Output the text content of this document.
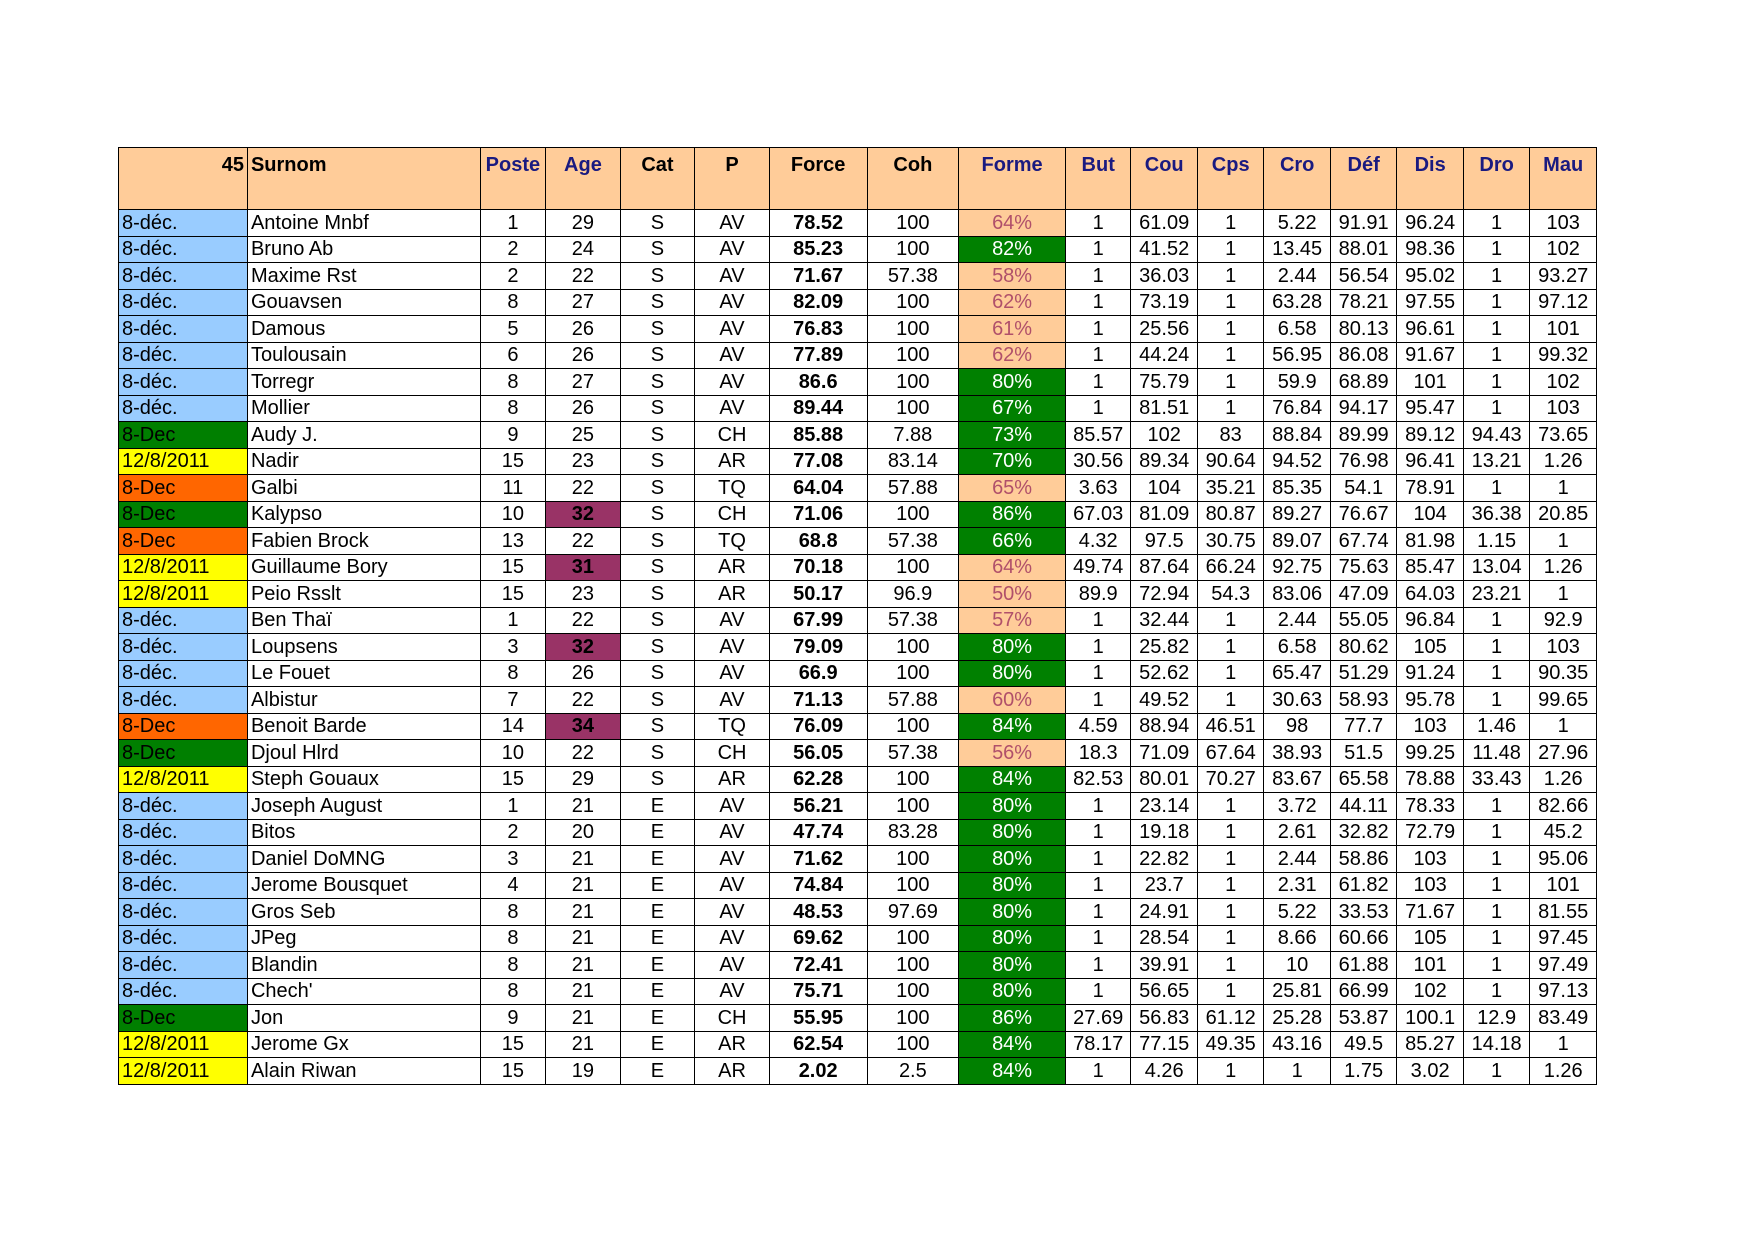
45	Surnom	Poste	Age	Cat	P	Force	Coh	Forme	But	Cou	Cps	Cro	Déf	Dis	Dro	Mau
8-déc.	Antoine Mnbf	1	29	S	AV	78.52	100	64%	1	61.09	1	5.22	91.91	96.24	1	103
8-déc.	Bruno Ab	2	24	S	AV	85.23	100	82%	1	41.52	1	13.45	88.01	98.36	1	102
8-déc.	Maxime Rst	2	22	S	AV	71.67	57.38	58%	1	36.03	1	2.44	56.54	95.02	1	93.27
8-déc.	Gouavsen	8	27	S	AV	82.09	100	62%	1	73.19	1	63.28	78.21	97.55	1	97.12
8-déc.	Damous	5	26	S	AV	76.83	100	61%	1	25.56	1	6.58	80.13	96.61	1	101
8-déc.	Toulousain	6	26	S	AV	77.89	100	62%	1	44.24	1	56.95	86.08	91.67	1	99.32
8-déc.	Torregr	8	27	S	AV	86.6	100	80%	1	75.79	1	59.9	68.89	101	1	102
8-déc.	Mollier	8	26	S	AV	89.44	100	67%	1	81.51	1	76.84	94.17	95.47	1	103
8-Dec	Audy J.	9	25	S	CH	85.88	7.88	73%	85.57	102	83	88.84	89.99	89.12	94.43	73.65
12/8/2011	Nadir	15	23	S	AR	77.08	83.14	70%	30.56	89.34	90.64	94.52	76.98	96.41	13.21	1.26
8-Dec	Galbi	11	22	S	TQ	64.04	57.88	65%	3.63	104	35.21	85.35	54.1	78.91	1	1
8-Dec	Kalypso	10	32	S	CH	71.06	100	86%	67.03	81.09	80.87	89.27	76.67	104	36.38	20.85
8-Dec	Fabien Brock	13	22	S	TQ	68.8	57.38	66%	4.32	97.5	30.75	89.07	67.74	81.98	1.15	1
12/8/2011	Guillaume Bory	15	31	S	AR	70.18	100	64%	49.74	87.64	66.24	92.75	75.63	85.47	13.04	1.26
12/8/2011	Peio Rsslt	15	23	S	AR	50.17	96.9	50%	89.9	72.94	54.3	83.06	47.09	64.03	23.21	1
8-déc.	Ben Thaï	1	22	S	AV	67.99	57.38	57%	1	32.44	1	2.44	55.05	96.84	1	92.9
8-déc.	Loupsens	3	32	S	AV	79.09	100	80%	1	25.82	1	6.58	80.62	105	1	103
8-déc.	Le Fouet	8	26	S	AV	66.9	100	80%	1	52.62	1	65.47	51.29	91.24	1	90.35
8-déc.	Albistur	7	22	S	AV	71.13	57.88	60%	1	49.52	1	30.63	58.93	95.78	1	99.65
8-Dec	Benoit Barde	14	34	S	TQ	76.09	100	84%	4.59	88.94	46.51	98	77.7	103	1.46	1
8-Dec	Djoul Hlrd	10	22	S	CH	56.05	57.38	56%	18.3	71.09	67.64	38.93	51.5	99.25	11.48	27.96
12/8/2011	Steph Gouaux	15	29	S	AR	62.28	100	84%	82.53	80.01	70.27	83.67	65.58	78.88	33.43	1.26
8-déc.	Joseph August	1	21	E	AV	56.21	100	80%	1	23.14	1	3.72	44.11	78.33	1	82.66
8-déc.	Bitos	2	20	E	AV	47.74	83.28	80%	1	19.18	1	2.61	32.82	72.79	1	45.2
8-déc.	Daniel DoMNG	3	21	E	AV	71.62	100	80%	1	22.82	1	2.44	58.86	103	1	95.06
8-déc.	Jerome Bousquet	4	21	E	AV	74.84	100	80%	1	23.7	1	2.31	61.82	103	1	101
8-déc.	Gros Seb	8	21	E	AV	48.53	97.69	80%	1	24.91	1	5.22	33.53	71.67	1	81.55
8-déc.	JPeg	8	21	E	AV	69.62	100	80%	1	28.54	1	8.66	60.66	105	1	97.45
8-déc.	Blandin	8	21	E	AV	72.41	100	80%	1	39.91	1	10	61.88	101	1	97.49
8-déc.	Chech'	8	21	E	AV	75.71	100	80%	1	56.65	1	25.81	66.99	102	1	97.13
8-Dec	Jon	9	21	E	CH	55.95	100	86%	27.69	56.83	61.12	25.28	53.87	100.1	12.9	83.49
12/8/2011	Jerome Gx	15	21	E	AR	62.54	100	84%	78.17	77.15	49.35	43.16	49.5	85.27	14.18	1
12/8/2011	Alain Riwan	15	19	E	AR	2.02	2.5	84%	1	4.26	1	1	1.75	3.02	1	1.26
